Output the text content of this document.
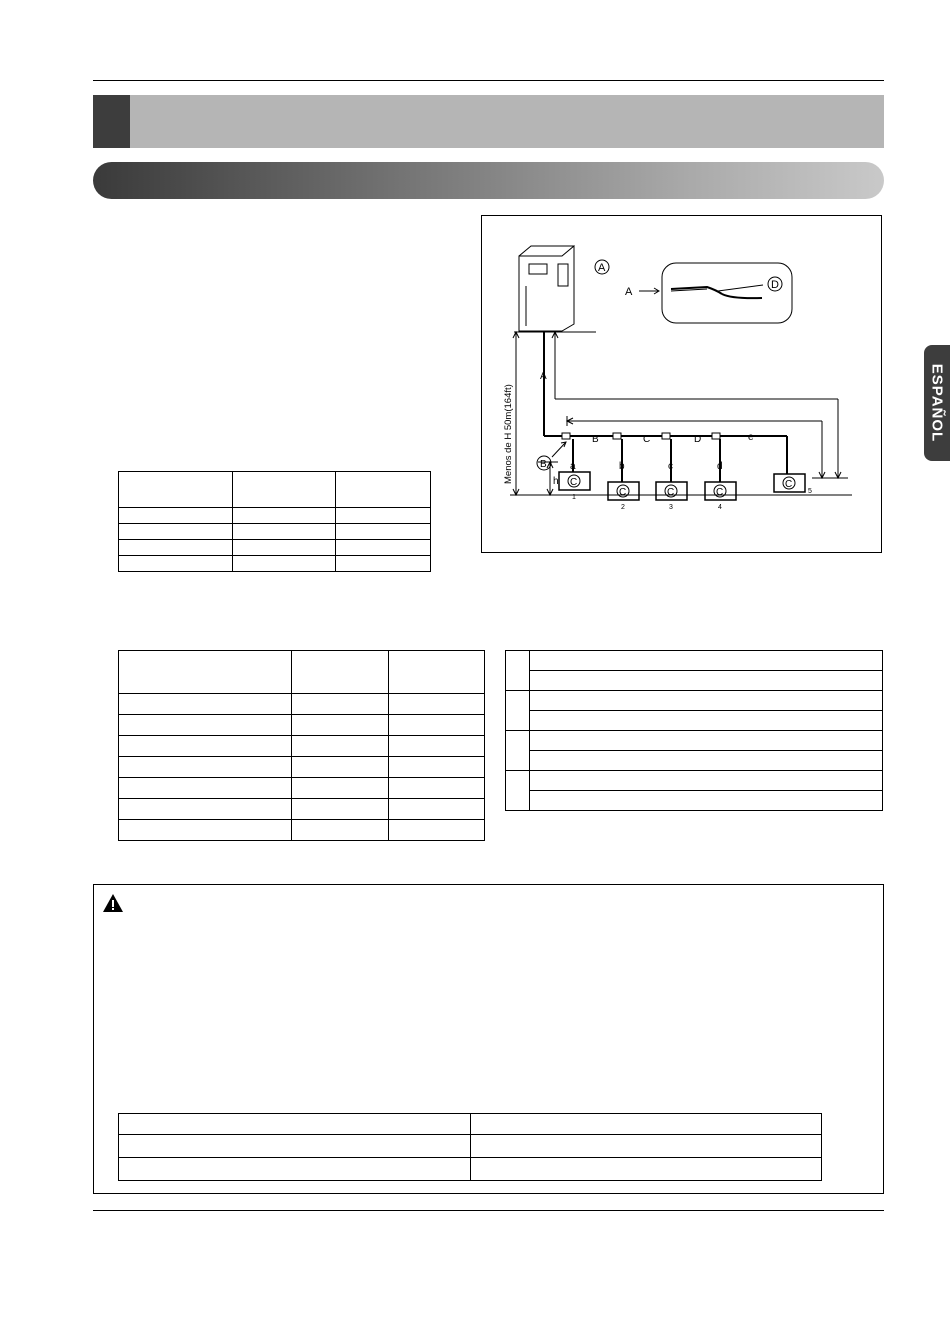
ESPAÑOL
A
D
A
A
B	C	D	e
a	b	c	d
B
C
C	C	C
C
1
2	3	4
5
h
Menos de H 50m(164ft)
